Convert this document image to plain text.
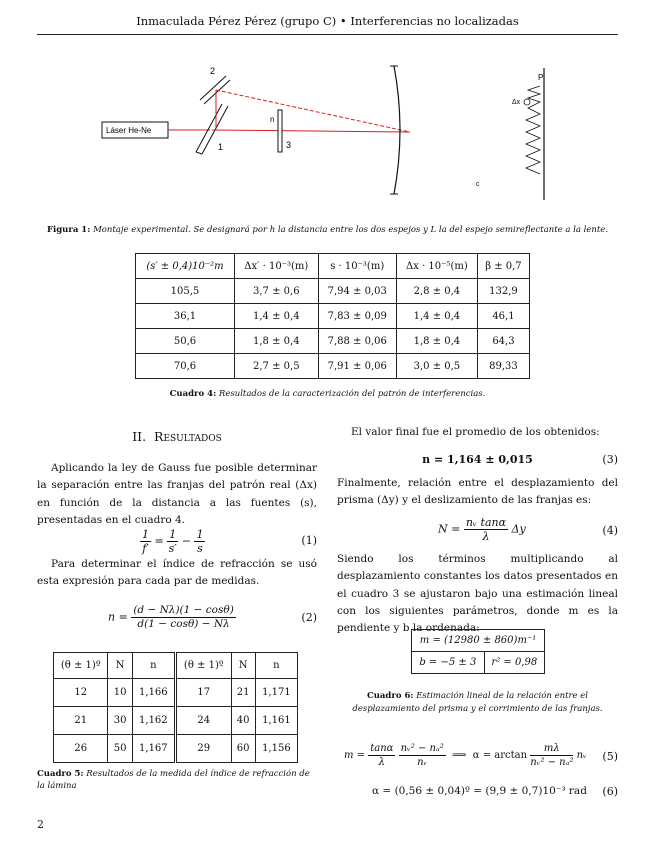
Inmaculada Pérez Pérez (grupo C) • Interferencias no localizadas
Láser He-Ne
1
2
n
3
P
Δx
c
Figura 1: Montaje experimental. Se designará por h la distancia entre los dos espejos y L la del espejo semireflectante a la lente.
(s′ ± 0,4)10⁻²m	Δx′ · 10⁻³(m)	s · 10⁻³(m)	Δx · 10⁻⁵(m)	β ± 0,7
105,5	3,7 ± 0,6	7,94 ± 0,03	2,8 ± 0,4	132,9
36,1	1,4 ± 0,4	7,83 ± 0,09	1,4 ± 0,4	46,1
50,6	1,8 ± 0,4	7,88 ± 0,06	1,8 ± 0,4	64,3
70,6	2,7 ± 0,5	7,91 ± 0,06	3,0 ± 0,5	89,33
Cuadro 4: Resultados de la caracterización del patrón de interferencias.
II. Resultados
Aplicando la ley de Gauss fue posible determinar la separación entre las franjas del patrón real (Δx) en función de la distancia a las fuentes (s), presentadas en el cuadro 4.
$\frac{1}{f'} = \frac{1}{s'} - \frac{1}{s}$	(1)
Para determinar el índice de refracción se usó esta expresión para cada par de medidas.
$n = \frac{(d - N\lambda)(1 - \cos\theta)}{d(1 - \cos\theta) - N\lambda}$	(2)
(θ ± 1)º	N	n	(θ ± 1)º	N	n
12	10	1,166	17	21	1,171
21	30	1,162	24	40	1,161
26	50	1,167	29	60	1,156
Cuadro 5: Resultados de la medida del índice de refracción de la lámina
El valor final fue el promedio de los obtenidos:
n = 1,164 ± 0,015	(3)
Finalmente, relación entre el desplazamiento del prisma (Δy) y el deslizamiento de las franjas es:
$N = \frac{\text{nᵥ tanα}}{\lambda}$ Δy	(4)
Siendo los términos multiplicando al desplazamiento constantes los datos presentados en el cuadro 3 se ajustaron bajo una estimación lineal con los siguientes parámetros, donde m es la pendiente y b la ordenada:
m = (12980 ± 860)m⁻¹
b = −5 ± 3	r² = 0,98
Cuadro 6: Estimación lineal de la relación entre el desplazamiento del prisma y el corrimiento de las franjas.
$m = \frac{\tan\alpha}{\lambda}$
$\frac{\text{nᵥ² − nₐ²}}{\text{nᵥ}}$ ⟹ $\alpha = \arctan \frac{m\lambda}{\text{nᵥ² − nₐ²}}$ nᵥ	(5)
α = (0,56 ± 0,04)º = (9,9 ± 0,7)10⁻³ rad	(6)
2
